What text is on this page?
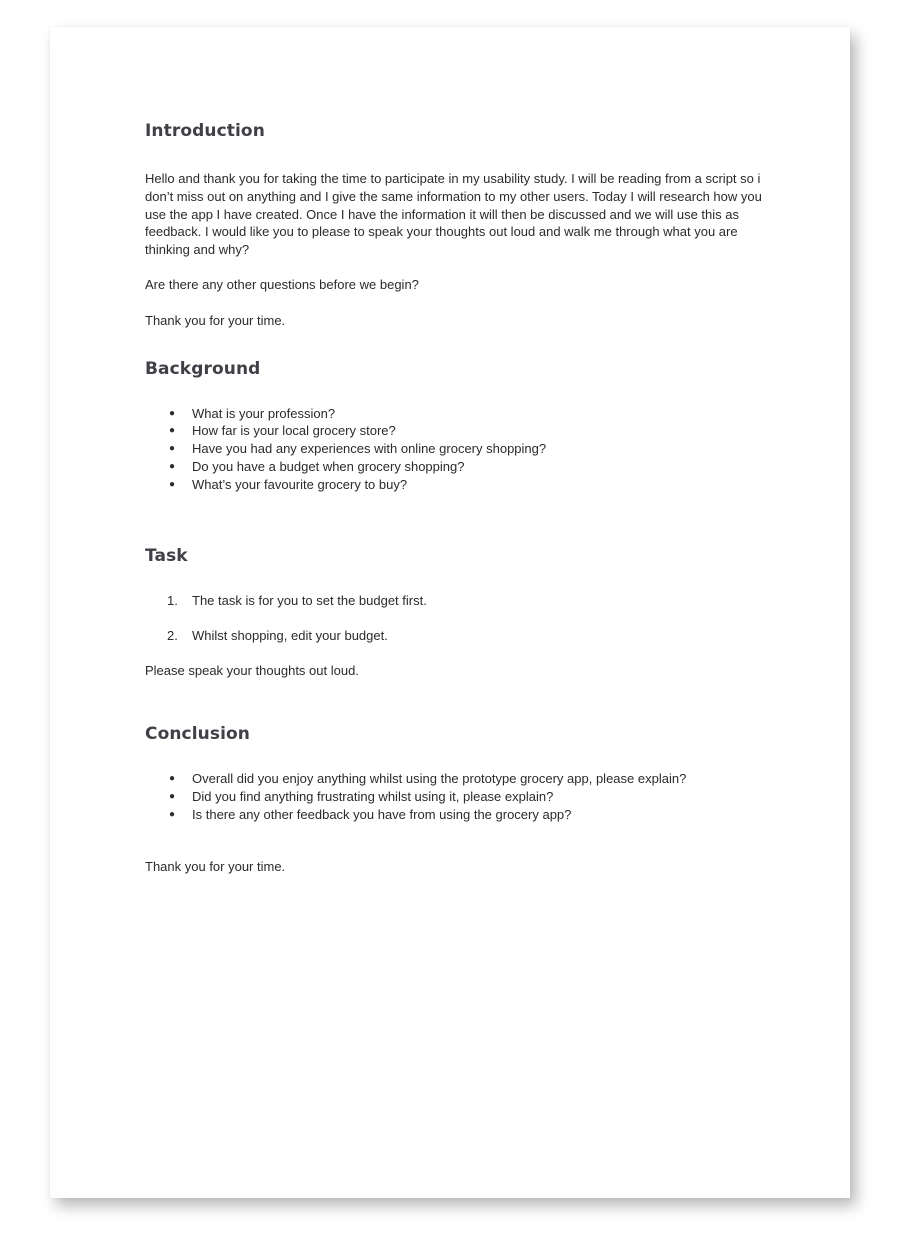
Introduction

Hello and thank you for taking the time to participate in my usability study. I will be reading from a script so i don’t miss out on anything and I give the same information to my other users. Today I will research how you use the app I have created. Once I have the information it will then be discussed and we will use this as feedback. I would like you to please to speak your thoughts out loud and walk me through what you are thinking and why?

Are there any other questions before we begin?

Thank you for your time.

Background
● What is your profession?
● How far is your local grocery store?
● Have you had any experiences with online grocery shopping?
● Do you have a budget when grocery shopping?
● What’s your favourite grocery to buy?
Task
1. The task is for you to set the budget first.
2. Whilst shopping, edit your budget.

Please speak your thoughts out loud.

Conclusion
● Overall did you enjoy anything whilst using the prototype grocery app, please explain?
● Did you find anything frustrating whilst using it, please explain?
● Is there any other feedback you have from using the grocery app?

Thank you for your time.
